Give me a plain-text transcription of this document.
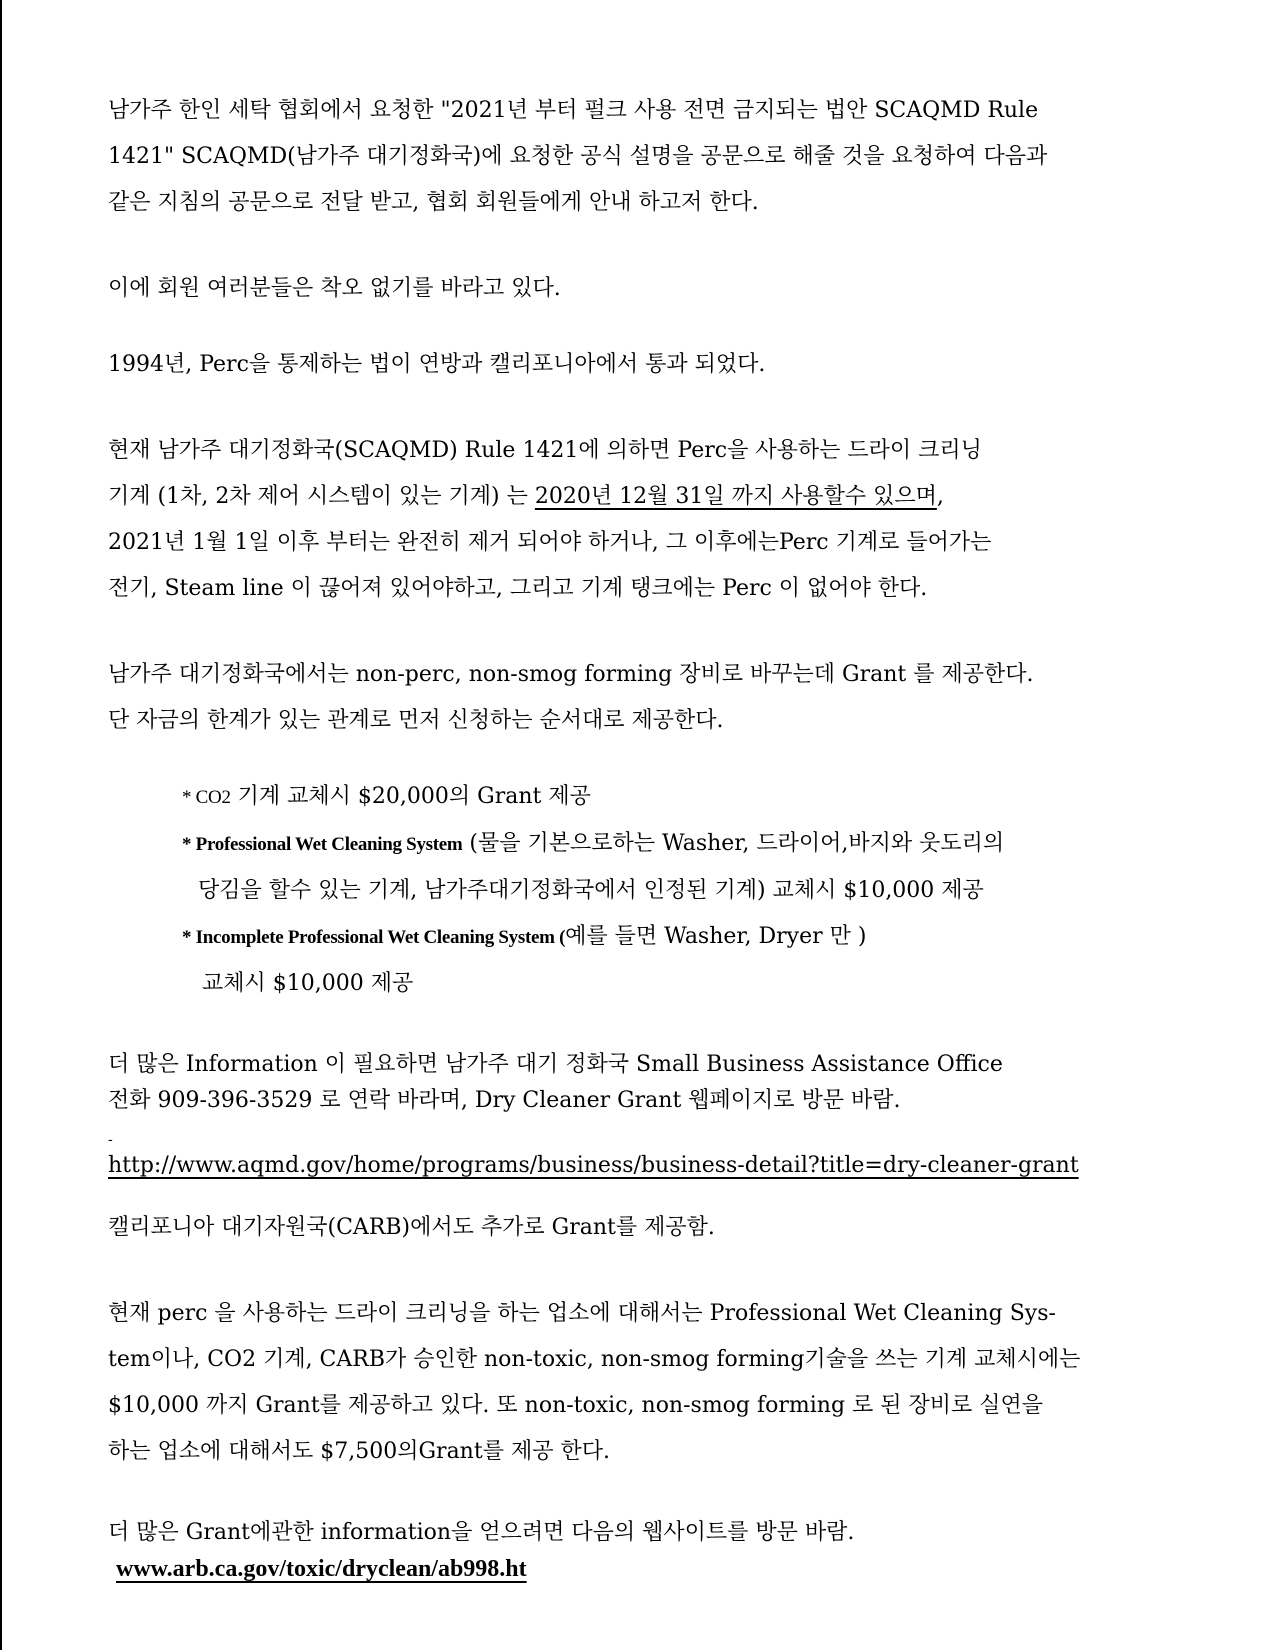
남가주 한인 세탁 협회에서 요청한 "2021년 부터 펄크 사용 전면 금지되는 법안 SCAQMD Rule
1421" SCAQMD(남가주 대기정화국)에 요청한 공식 설명을 공문으로 해줄 것을 요청하여 다음과
같은 지침의 공문으로 전달 받고, 협회 회원들에게 안내 하고저 한다.
이에 회원 여러분들은 착오 없기를 바라고 있다.
1994년, Perc을 통제하는 법이 연방과 캘리포니아에서 통과 되었다.
현재 남가주 대기정화국(SCAQMD) Rule 1421에 의하면 Perc을 사용하는 드라이 크리닝
기계 (1차, 2차 제어 시스템이 있는 기계) 는 2020년 12월 31일 까지 사용할수 있으며,
2021년 1월 1일 이후 부터는 완전히 제거 되어야 하거나, 그 이후에는Perc 기계로 들어가는
전기, Steam line 이 끊어져 있어야하고, 그리고 기계 탱크에는 Perc 이 없어야 한다.
남가주 대기정화국에서는 non-perc, non-smog forming 장비로 바꾸는데 Grant 를 제공한다.
단 자금의 한계가 있는 관계로 먼저 신청하는 순서대로 제공한다.
* CO2 기계 교체시 $20,000의 Grant 제공
* Professional Wet Cleaning System (물을 기본으로하는 Washer, 드라이어,바지와 웃도리의
당김을 할수 있는 기계, 남가주대기정화국에서 인정된 기계) 교체시 $10,000 제공
* Incomplete Professional Wet Cleaning System (예를 들면 Washer, Dryer 만 )
교체시 $10,000 제공
더 많은 Information 이 필요하면 남가주 대기 정화국 Small Business Assistance Office
전화 909-396-3529 로 연락 바라며, Dry Cleaner Grant 웹페이지로 방문 바람.
-
http://www.aqmd.gov/home/programs/business/business-detail?title=dry-cleaner-grant
캘리포니아 대기자원국(CARB)에서도 추가로 Grant를 제공함.
현재 perc 을 사용하는 드라이 크리닝을 하는 업소에 대해서는 Professional Wet Cleaning Sys-
tem이나, CO2 기계, CARB가 승인한 non-toxic, non-smog forming기술을 쓰는 기계 교체시에는
$10,000 까지 Grant를 제공하고 있다. 또 non-toxic, non-smog forming 로 된 장비로 실연을
하는 업소에 대해서도 $7,500의Grant를 제공 한다.
더 많은 Grant에관한 information을 얻으려면 다음의 웹사이트를 방문 바람.
www.arb.ca.gov/toxic/dryclean/ab998.ht
